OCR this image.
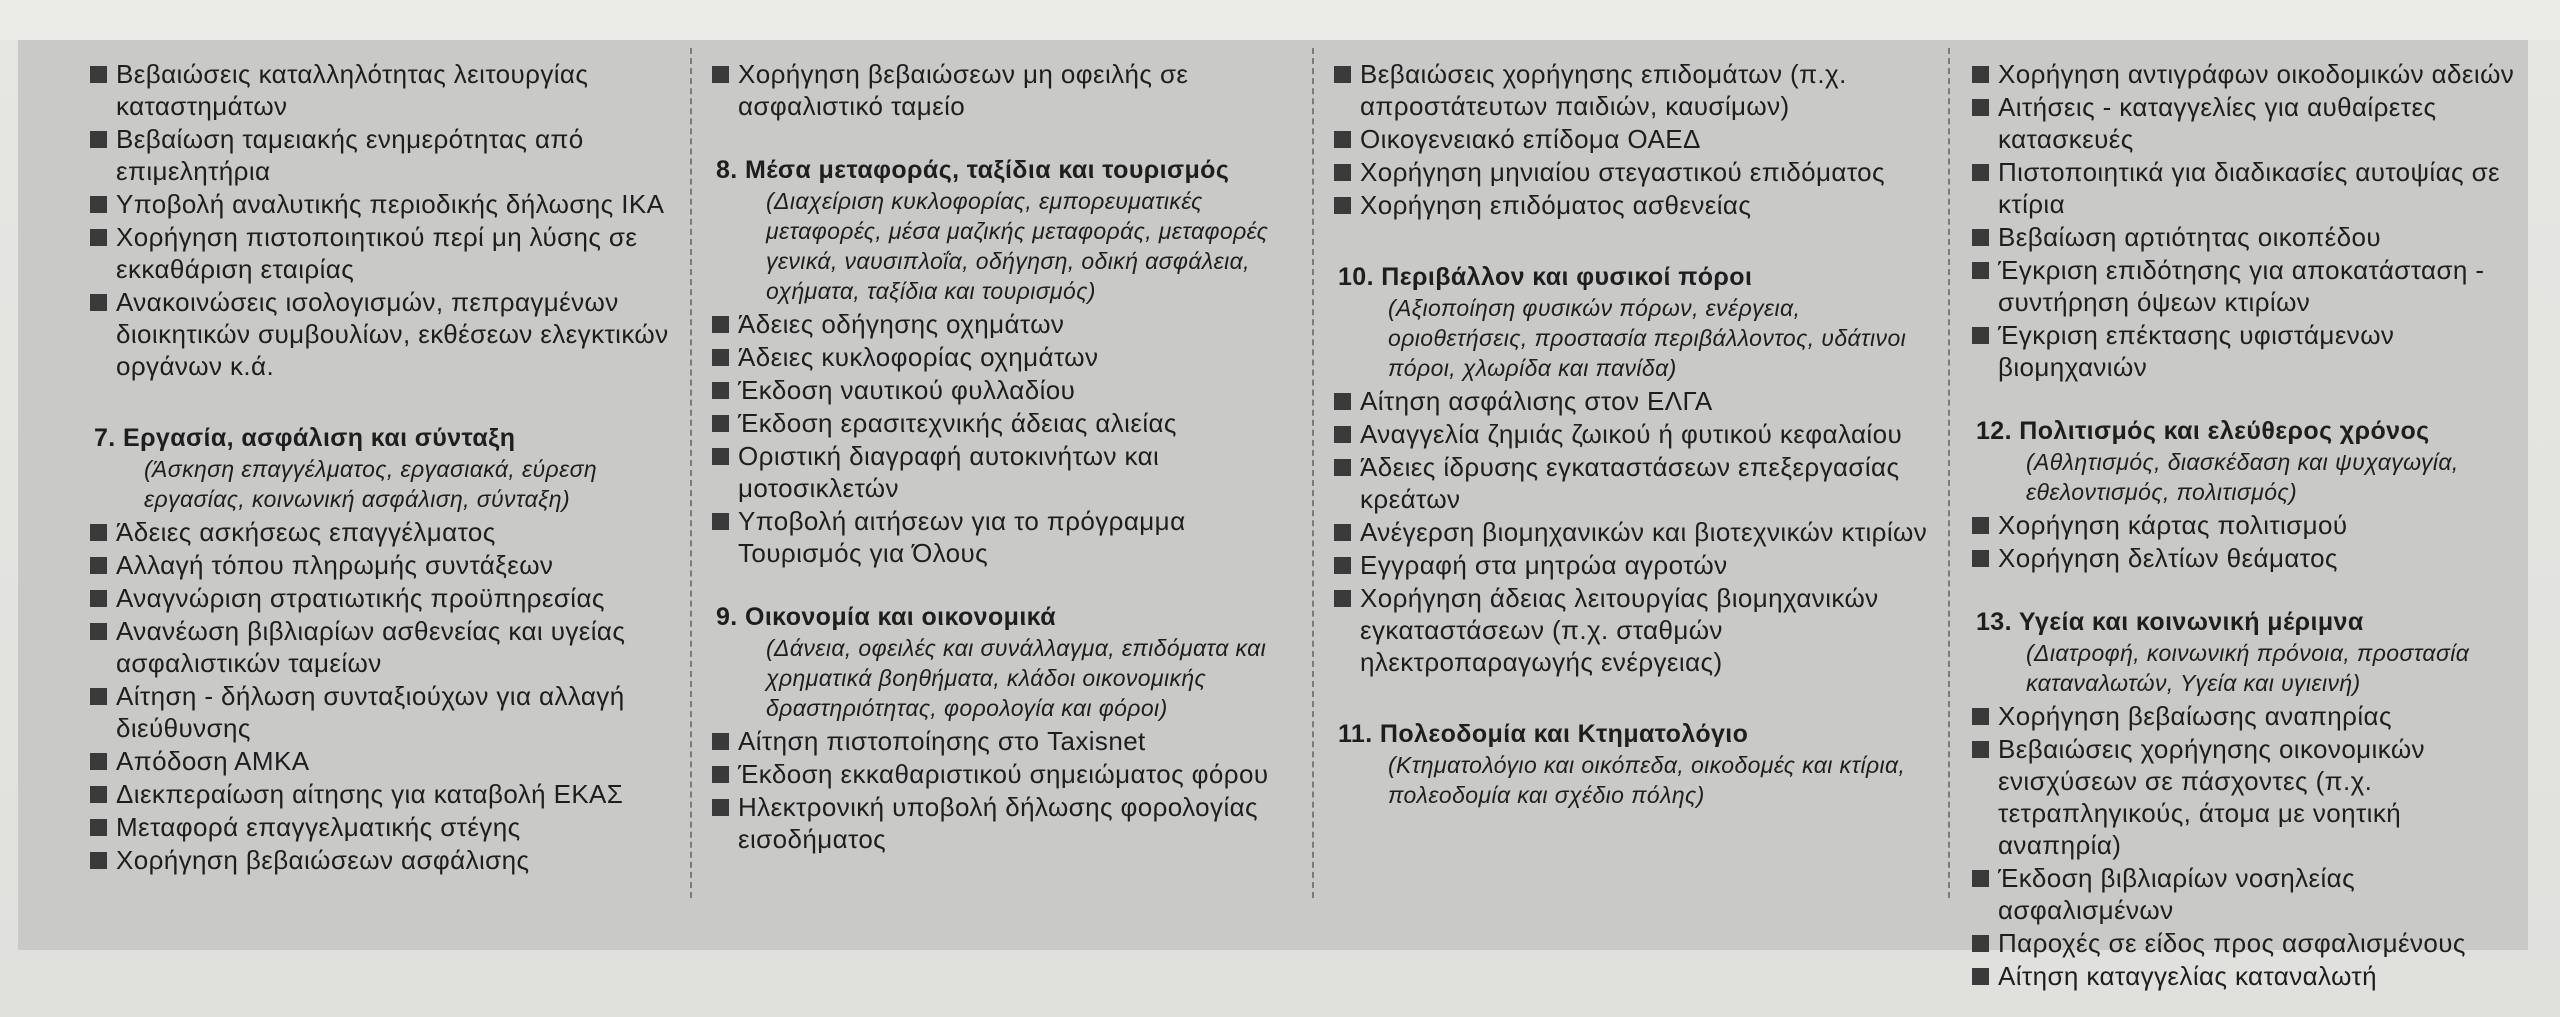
Βεβαιώσεις καταλληλότητας λειτουργίας καταστημάτων
Βεβαίωση ταμειακής ενημερότητας από επιμελητήρια
Υποβολή αναλυτικής περιοδικής δήλωσης ΙΚΑ
Χορήγηση πιστοποιητικού περί μη λύσης σε εκκαθάριση εταιρίας
Ανακοινώσεις ισολογισμών, πεπραγμένων διοικητικών συμβουλίων, εκθέσεων ελεγκτικών οργάνων κ.ά.
7. Εργασία, ασφάλιση και σύνταξη
(Άσκηση επαγγέλματος, εργασιακά, εύρεση εργασίας, κοινωνική ασφάλιση, σύνταξη)
Άδειες ασκήσεως επαγγέλματος
Αλλαγή τόπου πληρωμής συντάξεων
Αναγνώριση στρατιωτικής προϋπηρεσίας
Ανανέωση βιβλιαρίων ασθενείας και υγείας ασφαλιστικών ταμείων
Αίτηση - δήλωση συνταξιούχων για αλλαγή διεύθυνσης
Απόδοση ΑΜΚΑ
Διεκπεραίωση αίτησης για καταβολή ΕΚΑΣ
Μεταφορά επαγγελματικής στέγης
Χορήγηση βεβαιώσεων ασφάλισης
Χορήγηση βεβαιώσεων μη οφειλής σε ασφαλιστικό ταμείο
8. Μέσα μεταφοράς, ταξίδια και τουρισμός
(Διαχείριση κυκλοφορίας, εμπορευματικές μεταφορές, μέσα μαζικής μεταφοράς, μεταφορές γενικά, ναυσιπλοΐα, οδήγηση, οδική ασφάλεια, οχήματα, ταξίδια και τουρισμός)
Άδειες οδήγησης οχημάτων
Άδειες κυκλοφορίας οχημάτων
Έκδοση ναυτικού φυλλαδίου
Έκδοση ερασιτεχνικής άδειας αλιείας
Οριστική διαγραφή αυτοκινήτων και μοτοσικλετών
Υποβολή αιτήσεων για το πρόγραμμα Τουρισμός για Όλους
9. Οικονομία και οικονομικά
(Δάνεια, οφειλές και συνάλλαγμα, επιδόματα και χρηματικά βοηθήματα, κλάδοι οικονομικής δραστηριότητας, φορολογία και φόροι)
Αίτηση πιστοποίησης στο Taxisnet
Έκδοση εκκαθαριστικού σημειώματος φόρου
Ηλεκτρονική υποβολή δήλωσης φορολογίας εισοδήματος
Βεβαιώσεις χορήγησης επιδομάτων (π.χ. απροστάτευτων παιδιών, καυσίμων)
Οικογενειακό επίδομα ΟΑΕΔ
Χορήγηση μηνιαίου στεγαστικού επιδόματος
Χορήγηση επιδόματος ασθενείας
10. Περιβάλλον και φυσικοί πόροι
(Αξιοποίηση φυσικών πόρων, ενέργεια, οριοθετήσεις, προστασία περιβάλλοντος, υδάτινοι πόροι, χλωρίδα και πανίδα)
Αίτηση ασφάλισης στον ΕΛΓΑ
Αναγγελία ζημιάς ζωικού ή φυτικού κεφαλαίου
Άδειες ίδρυσης εγκαταστάσεων επεξεργασίας κρεάτων
Ανέγερση βιομηχανικών και βιοτεχνικών κτιρίων
Εγγραφή στα μητρώα αγροτών
Χορήγηση άδειας λειτουργίας βιομηχανικών εγκαταστάσεων (π.χ. σταθμών ηλεκτροπαραγωγής ενέργειας)
11. Πολεοδομία και Κτηματολόγιο
(Κτηματολόγιο και οικόπεδα, οικοδομές και κτίρια, πολεοδομία και σχέδιο πόλης)
Χορήγηση αντιγράφων οικοδομικών αδειών
Αιτήσεις - καταγγελίες για αυθαίρετες κατασκευές
Πιστοποιητικά για διαδικασίες αυτοψίας σε κτίρια
Βεβαίωση αρτιότητας οικοπέδου
Έγκριση επιδότησης για αποκατάσταση - συντήρηση όψεων κτιρίων
Έγκριση επέκτασης υφιστάμενων βιομηχανιών
12. Πολιτισμός και ελεύθερος χρόνος
(Αθλητισμός, διασκέδαση και ψυχαγωγία, εθελοντισμός, πολιτισμός)
Χορήγηση κάρτας πολιτισμού
Χορήγηση δελτίων θεάματος
13. Υγεία και κοινωνική μέριμνα
(Διατροφή, κοινωνική πρόνοια, προστασία καταναλωτών, Υγεία και υγιεινή)
Χορήγηση βεβαίωσης αναπηρίας
Βεβαιώσεις χορήγησης οικονομικών ενισχύσεων σε πάσχοντες (π.χ. τετραπληγικούς, άτομα με νοητική αναπηρία)
Έκδοση βιβλιαρίων νοσηλείας ασφαλισμένων
Παροχές σε είδος προς ασφαλισμένους
Αίτηση καταγγελίας καταναλωτή
